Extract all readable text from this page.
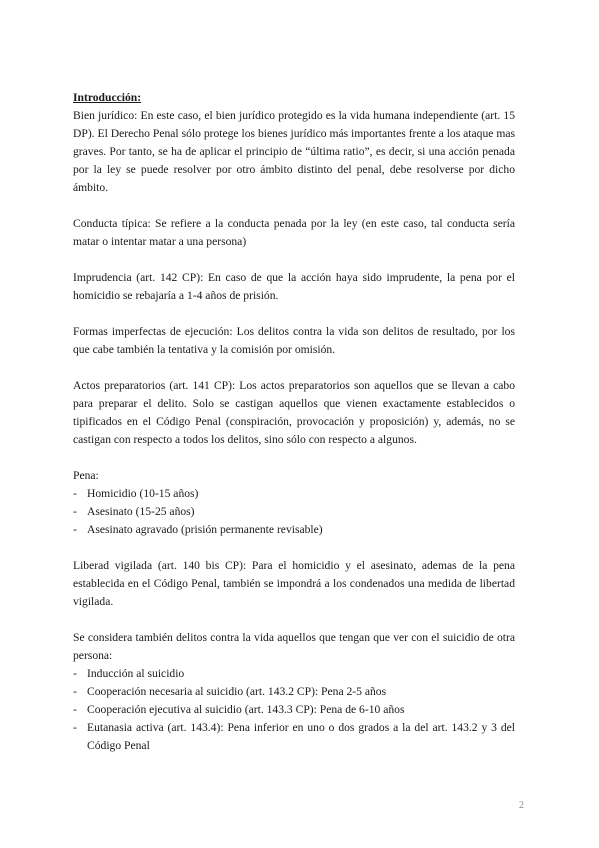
Introducción:

Bien jurídico: En este caso, el bien jurídico protegido es la vida humana independiente (art. 15 DP). El Derecho Penal sólo protege los bienes jurídico más importantes frente a los ataque mas graves. Por tanto, se ha de aplicar el principio de “última ratio”, es decir, si una acción penada por la ley se puede resolver por otro ámbito distinto del penal, debe resolverse por dicho ámbito.

Conducta típica: Se refiere a la conducta penada por la ley (en este caso, tal conducta sería matar o intentar matar a una persona)

Imprudencia (art. 142 CP): En caso de que la acción haya sido imprudente, la pena por el homicidio se rebajaría a 1-4 años de prisión.

Formas imperfectas de ejecución: Los delitos contra la vida son delitos de resultado, por los que cabe también la tentativa y la comisión por omisión.

Actos preparatorios (art. 141 CP): Los actos preparatorios son aquellos que se llevan a cabo para preparar el delito. Solo se castigan aquellos que vienen exactamente establecidos o tipificados en el Código Penal (conspiración, provocación y proposición) y, además, no se castigan con respecto a todos los delitos, sino sólo con respecto a algunos.

Pena:

- Homicidio (10-15 años)
- Asesinato (15-25 años)
- Asesinato agravado (prisión permanente revisable)

Liberad vigilada (art. 140 bis CP): Para el homicidio y el asesinato, ademas de la pena establecida en el Código Penal, también se impondrá a los condenados una medida de libertad vigilada.

Se considera también delitos contra la vida aquellos que tengan que ver con el suicidio de otra persona:

- Inducción al suicidio
- Cooperación necesaria al suicidio (art. 143.2 CP): Pena 2-5 años
- Cooperación ejecutiva al suicidio (art. 143.3 CP): Pena de 6-10 años
- Eutanasia activa (art. 143.4): Pena inferior en uno o dos grados a la del art. 143.2 y 3 del Código Penal
2
